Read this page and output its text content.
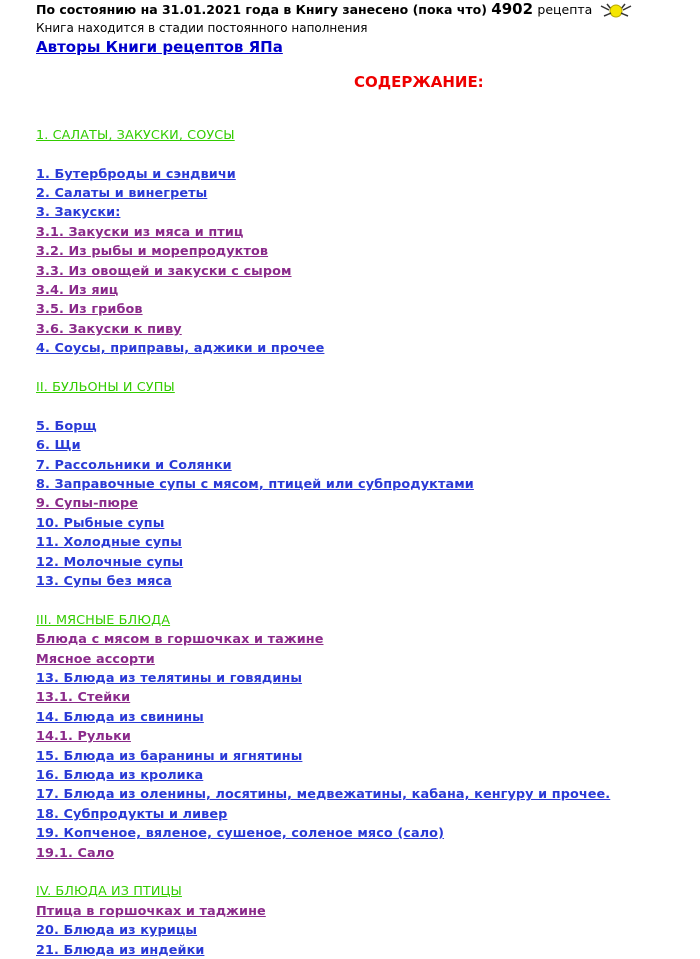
По состоянию на 31.01.2021 года в Книгу занесено (пока что) 4902 рецепта
Книга находится в стадии постоянного наполнения
Авторы Книги рецептов ЯПа
СОДЕРЖАНИЕ:
1. САЛАТЫ, ЗАКУСКИ, СОУСЫ
1. Бутерброды и сэндвичи
2. Салаты и винегреты
3. Закуски:
3.1. Закуски из мяса и птиц
3.2. Из рыбы и морепродуктов
3.3. Из овощей и закуски с сыром
3.4. Из яиц
3.5. Из грибов
3.6. Закуски к пиву
4. Соусы, приправы, аджики и прочее
II. БУЛЬОНЫ И СУПЫ
5. Борщ
6. Щи
7. Рассольники и Солянки
8. Заправочные супы с мясом, птицей или субпродуктами
9. Супы-пюре
10. Рыбные супы
11. Холодные супы
12. Молочные супы
13. Супы без мяса
III. МЯСНЫЕ БЛЮДА
Блюда с мясом в горшочках и тажине
Мясное ассорти
13. Блюда из телятины и говядины
13.1. Стейки
14. Блюда из свинины
14.1. Рульки
15. Блюда из баранины и ягнятины
16. Блюда из кролика
17. Блюда из оленины, лосятины, медвежатины, кабана, кенгуру и прочее.
18. Субпродукты и ливер
19. Копченое, вяленое, сушеное, соленое мясо (сало)
19.1. Сало
IV. БЛЮДА ИЗ ПТИЦЫ
Птица в горшочках и таджине
20. Блюда из курицы
21. Блюда из индейки
